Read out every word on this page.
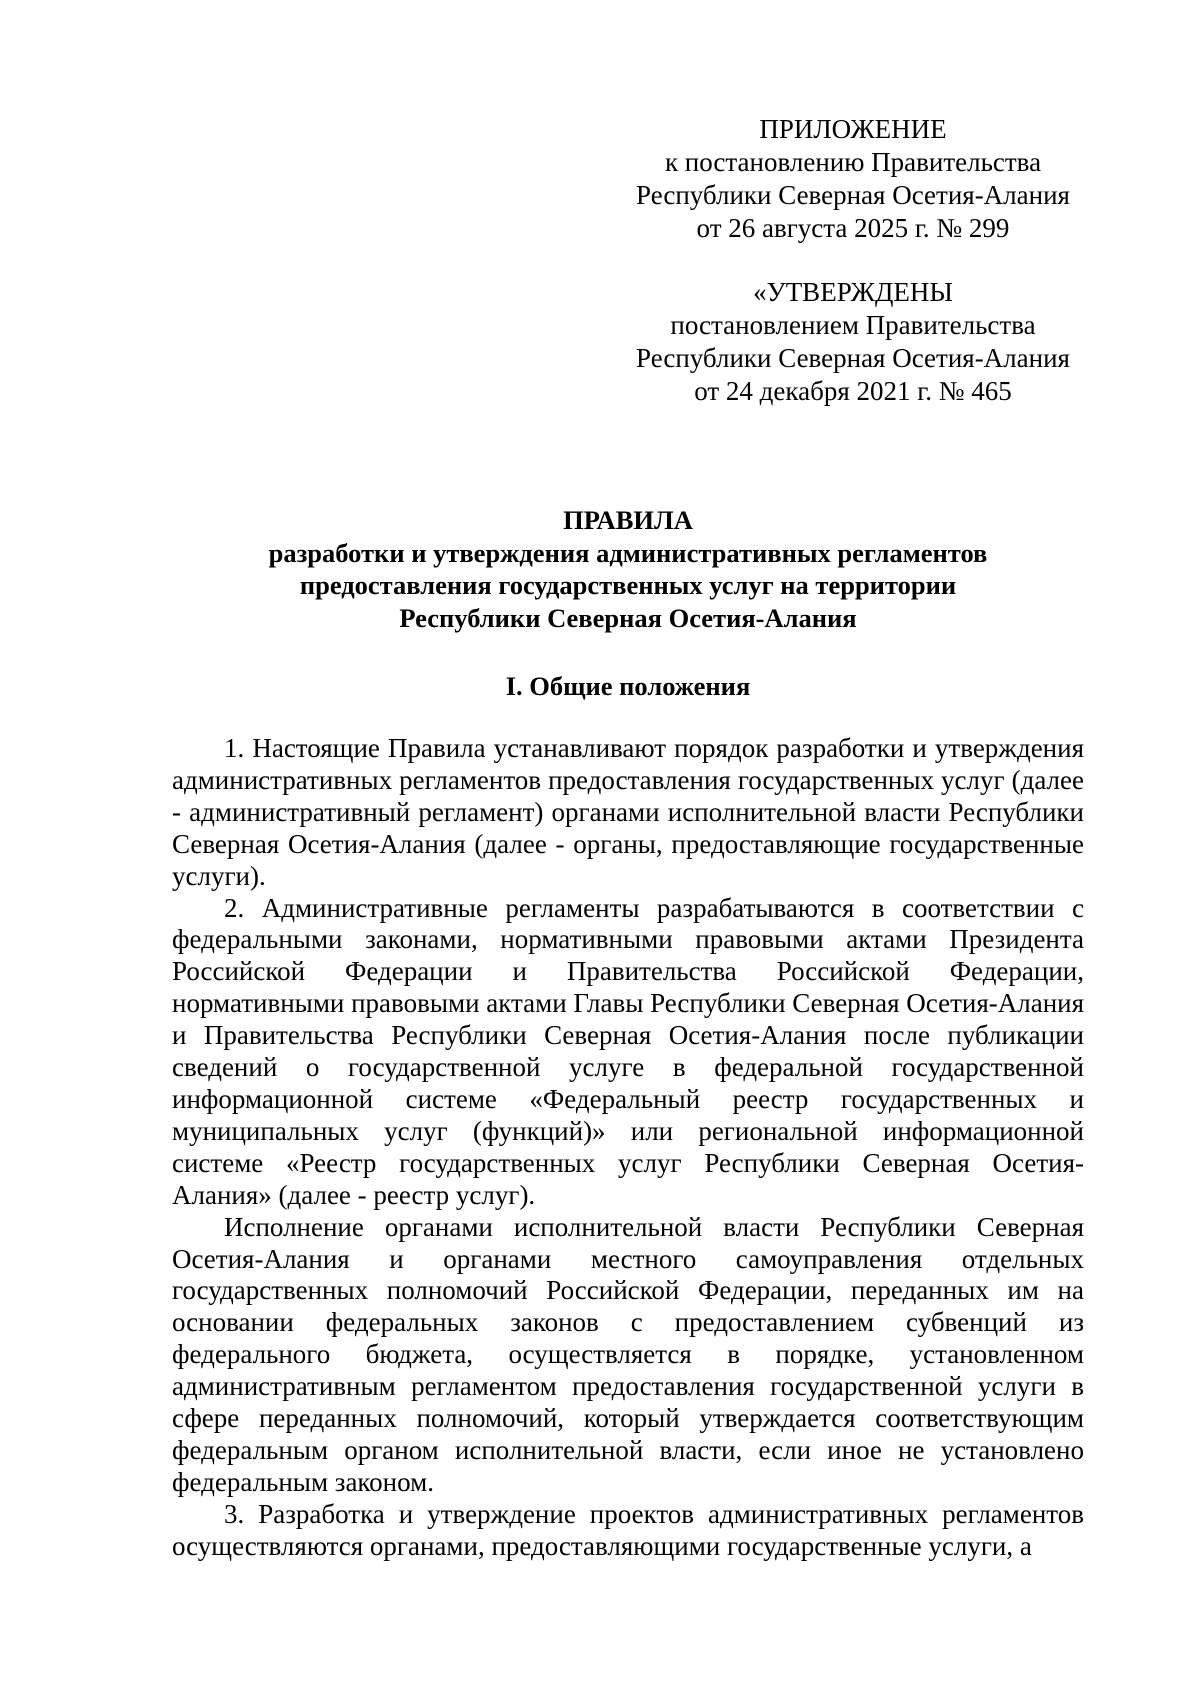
ПРИЛОЖЕНИЕ
к постановлению Правительства
Республики Северная Осетия-Алания
от 26 августа 2025 г. № 299
«УТВЕРЖДЕНЫ
постановлением Правительства
Республики Северная Осетия-Алания
от 24 декабря 2021 г. № 465
ПРАВИЛА
разработки и утверждения административных регламентов
предоставления государственных услуг на территории
Республики Северная Осетия-Алания
I. Общие положения

1. Настоящие Правила устанавливают порядок разработки и утверждения административных регламентов предоставления государственных услуг (далее - административный регламент) органами исполнительной власти Республики Северная Осетия-Алания (далее - органы, предоставляющие государственные услуги).

2. Административные регламенты разрабатываются в соответствии с федеральными законами, нормативными правовыми актами Президента Российской Федерации и Правительства Российской Федерации, нормативными правовыми актами Главы Республики Северная Осетия-Алания и Правительства Республики Северная Осетия-Алания после публикации сведений о государственной услуге в федеральной государственной информационной системе «Федеральный реестр государственных и муниципальных услуг (функций)» или региональной информационной системе «Реестр государственных услуг Республики Северная Осетия-Алания» (далее - реестр услуг).

Исполнение органами исполнительной власти Республики Северная Осетия-Алания и органами местного самоуправления отдельных государственных полномочий Российской Федерации, переданных им на основании федеральных законов с предоставлением субвенций из федерального бюджета, осуществляется в порядке, установленном административным регламентом предоставления государственной услуги в сфере переданных полномочий, который утверждается соответствующим федеральным органом исполнительной власти, если иное не установлено федеральным законом.

3. Разработка и утверждение проектов административных регламентов осуществляются органами, предоставляющими государственные услуги, а
